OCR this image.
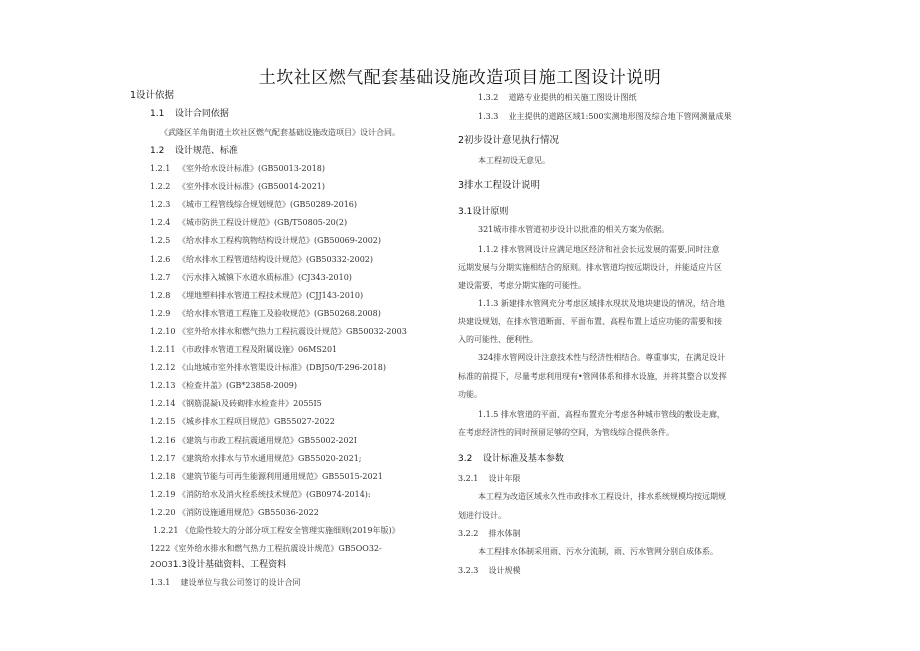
土坎社区燃气配套基础设施改造项目施工图设计说明
1设计依据
1.1 设计合同依据
《武隆区羊角街道土坎社区燃气配套基础设施改造项目》设计合同。
1.2 设计规范、标准
1.2.1 《室外给水设计标准》(GB50013-2018)
1.2.2 《室外排水设计标准》(GB50014-2021)
1.2.3 《城市工程管线综合规划规范》(GB50289-2016)
1.2.4 《城市防洪工程设计规范》(GB/T50805-20(2)
1.2.5 《给水排水工程构筑物结构设计规范》(GB50069-2002)
1.2.6 《给水排水工程管道结构设计规范》(GB50332-2002)
1.2.7 《污水排入城镇下水道水质标准》(CJ343-2010)
1.2.8 《埋地塑料排水管道工程技术规范》(CJJ143-2010)
1.2.9 《给水排水管道工程施工及验收规范》(GB50268.2008)
1.2.10 《室外给水排水和燃气热力工程抗震设计规范》GB50032-2003
1.2.11 《市政排水管道工程及附属设施》06MS201
1.2.12 《山地城市室外排水管渠设计标准》(DBJ50/T-296-2018)
1.2.13 《检查井盖》(GB*23858-2009)
1.2.14 《钢筋混凝ι及砖砌排水检查井》2055I5
1.2.15 《城乡排水工程项目规范》GB55027-2022
1.2.16 《建筑与市政工程抗震通用规范》GB55002-202I
1.2.17 《建筑给水排水与节水通用规范》GB55020-2021;
1.2.18 《建筑节能与可再生能源利用通用规范》GB55015-2021
1.2.19 《消防给水及消火栓系统技术规范》(GB0974-2014):
1.2.20 《消防设施通用规范》GB55036-2022
1.2.21 《危险性较大的分部分项工程安全管理实施细则(2019年版)》
1222《室外给水排水和燃气热力工程抗震设计规范》GB5OO32-
2OO31.3设计基础资料、工程资料
1.3.1 建设单位与我公司签订的设计合同
1.3.2 道路专业提供的相关施工图设计图纸
1.3.3 业主提供的道路区域1:500实测地形图及综合地下管网测量成果
2初步设计意见执行情况
本工程初设无意见。
3排水工程设计说明
3.1设计原则
321城市排水管道初步设计以批准的相关方案为依据。
1.1.2 排水管网设计应满足地区经济和社会长远发展的需要,同时注意
远期发展与分期实施相结合的原则。排水管道均按远期设计，并能适应片区
建设需要，考虑分期实施的可能性。
1.1.3 新建排水管网充分考虑区域排水现状及地块建设的情况，结合地
块建设规划，在排水管道断面、平面布置、高程布置上适应功能的需要和接
入的可能性、便利性。
324排水管网设计注意技术性与经济性相结合。尊重事实，在满足设计
标准的前提下，尽量考虑利用现有•管网体系和排水设施，并将其整合以发挥
功能。
1.1.5 排水管道的平面、高程布置充分考虑各种城市管线的敷设走廊，
在考虑经济性的同时预留足够的空间，为管线综合提供条件。
3.2 设计标准及基本参数
3.2.1 设计年限
本工程为改造区域永久性市政排水工程设计，排水系统规模均按远期规
划进行设计。
3.2.2 排水体制
本工程排水体制采用雨、污水分流制，雨、污水管网分别自成体系。
3.2.3 设计规模
